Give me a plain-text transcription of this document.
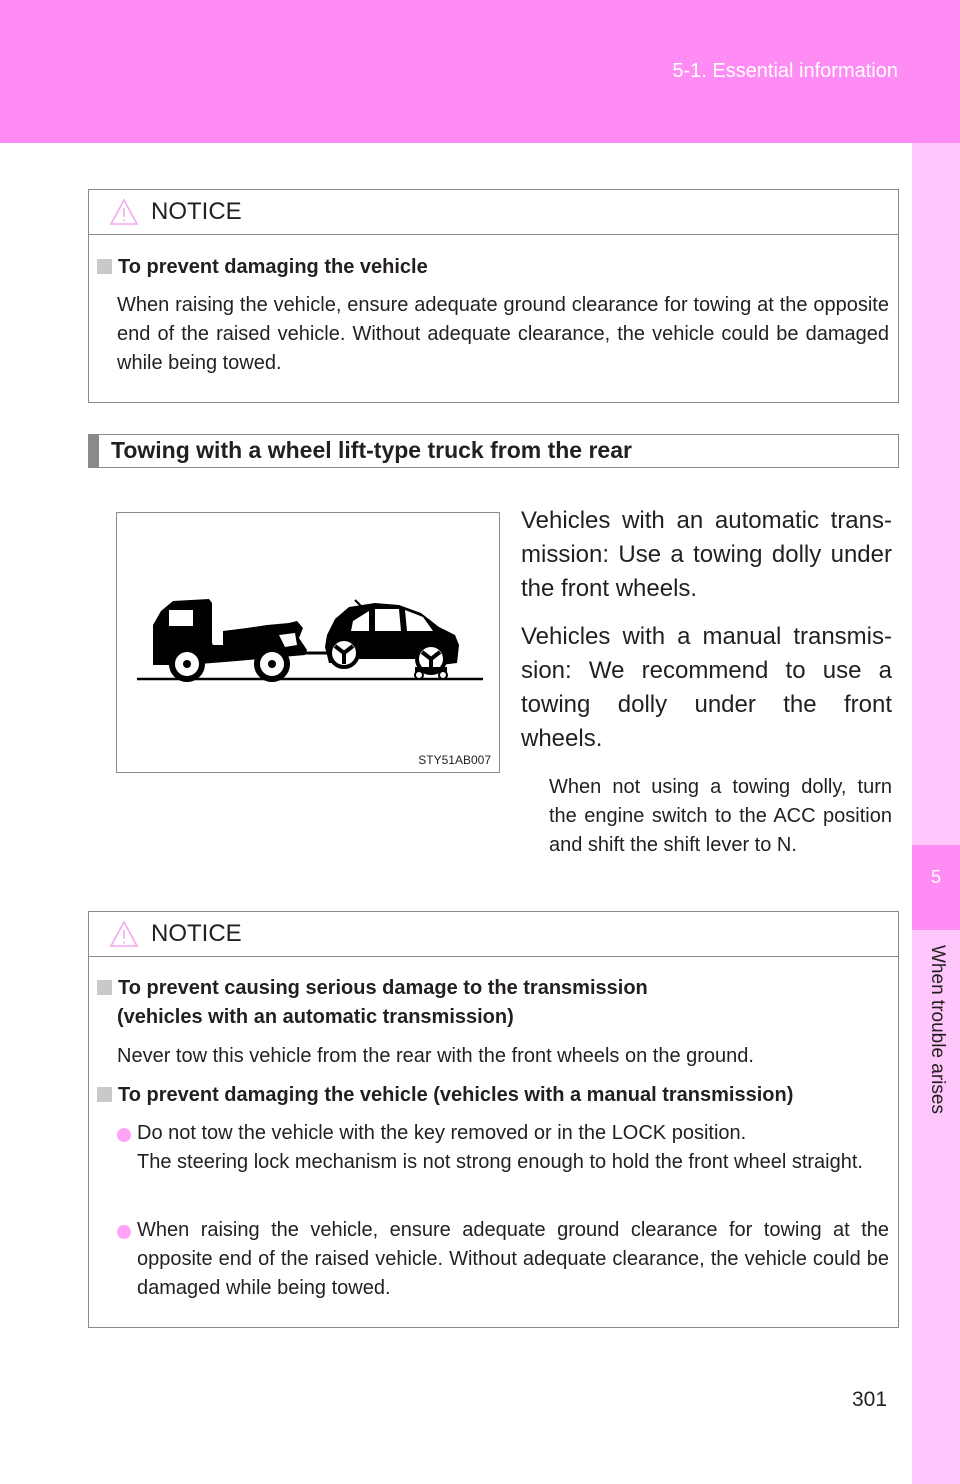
5-1. Essential information
5
When trouble arises
NOTICE
To prevent damaging the vehicle
When raising the vehicle, ensure adequate ground clearance for towing at the opposite end of the raised vehicle. Without adequate clearance, the vehicle could be damaged while being towed.
Towing with a wheel lift-type truck from the rear
STY51AB007
Vehicles with an automatic transmission: Use a towing dolly under the front wheels.
Vehicles with a manual transmission: We recommend to use a towing dolly under the front wheels.
When not using a towing dolly, turn the engine switch to the ACC position and shift the shift lever to N.
NOTICE
To prevent causing serious damage to the transmission
(vehicles with an automatic transmission)
Never tow this vehicle from the rear with the front wheels on the ground.
To prevent damaging the vehicle (vehicles with a manual transmission)
Do not tow the vehicle with the key removed or in the LOCK position.
The steering lock mechanism is not strong enough to hold the front wheel straight.
When raising the vehicle, ensure adequate ground clearance for towing at the opposite end of the raised vehicle. Without adequate clearance, the vehicle could be damaged while being towed.
301
